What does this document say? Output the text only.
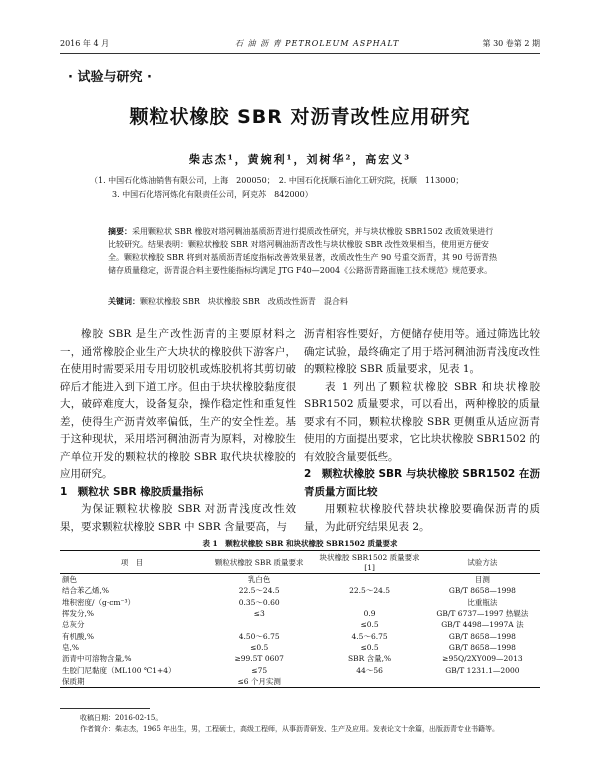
2016 年 4 月	石 油 沥 青 PETROLEUM ASPHALT	第 30 卷第 2 期
· 试验与研究 ·
颗粒状橡胶 SBR 对沥青改性应用研究
柴志杰¹，黄婉利¹，刘树华²，高宏义³
（1. 中国石化炼油销售有限公司，上海　200050；　2. 中国石化抚顺石油化工研究院，抚顺　113000；
3. 中国石化塔河炼化有限责任公司，阿克苏　842000）
摘要：采用颗粒状 SBR 橡胶对塔河稠油基质沥青进行提质改性研究，并与块状橡胶 SBR1502 改质效果进行比较研究。结果表明：颗粒状橡胶 SBR 对塔河稠油沥青改性与块状橡胶 SBR 改性效果相当，使用更方便安全。颗粒状橡胶 SBR 将到对基质沥青延度指标改善效果显著，改质改性生产 90 号重交沥青，其 90 号沥青热储存质量稳定，沥青混合料主要性能指标均满足 JTG F40—2004《公路沥青路面施工技术规范》规范要求。
关键词：颗粒状橡胶 SBR　块状橡胶 SBR　改质改性沥青　混合料

橡胶 SBR 是生产改性沥青的主要原材料之一，通常橡胶企业生产大块状的橡胶供下游客户，在使用时需要采用专用切胶机或炼胶机将其剪切破碎后才能进入到下道工序。但由于块状橡胶黏度很大，破碎难度大，设备复杂，操作稳定性和重复性差，使得生产沥青效率偏低，生产的安全性差。基于这种现状，采用塔河稠油沥青为原料，对橡胶生产单位开发的颗粒状的橡胶 SBR 取代块状橡胶的应用研究。

1　颗粒状 SBR 橡胶质量指标

为保证颗粒状橡胶 SBR 对沥青浅度改性效果，要求颗粒状橡胶 SBR 中 SBR 含量要高，与

沥青相容性要好，方便储存使用等。通过筛选比较确定试验，最终确定了用于塔河稠油沥青浅度改性的颗粒橡胶 SBR 质量要求，见表 1。

表 1 列出了颗粒状橡胶 SBR 和块状橡胶 SBR1502 质量要求，可以看出，两种橡胶的质量要求有不同，颗粒状橡胶 SBR 更侧重从适应沥青使用的方面提出要求，它比块状橡胶 SBR1502 的有效胶含量要低些。

2　颗粒状橡胶 SBR 与块状橡胶 SBR1502 在沥青质量方面比较

用颗粒状橡胶代替块状橡胶要确保沥青的质量，为此研究结果见表 2。

表 1　颗粒状橡胶 SBR 和块状橡胶 SBR1502 质量要求
项　目	颗粒状橡胶 SBR 质量要求	块状橡胶 SBR1502 质量要求[1]	试验方法
颜色	乳白色		目测
结合苯乙烯,%	22.5～24.5	22.5～24.5	GB/T 8658—1998
堆积密度/（g·cm⁻³）	0.35～0.60		比重瓶法
挥发分,%	≤3	0.9	GB/T 6737—1997 热辊法
总灰分		≤0.5	GB/T 4498—1997A 法
有机酸,%	4.50～6.75	4.5～6.75	GB/T 8658—1998
皂,%	≤0.5	≤0.5	GB/T 8658—1998
沥青中可溶物含量,%	≥99.5T 0607	SBR 含量,%	≥95Q/2XY009—2013
生胶门尼黏度（ML100 ℃1+4）	≤75	44～56	GB/T 1231.1—2000
保质期	≤6 个月实测		
收稿日期：2016-02-15。
作者简介：柴志杰，1965 年出生，男，工程硕士，高级工程师，从事沥青研发、生产及应用。发表论文十余篇，出版沥青专业书籍等。
